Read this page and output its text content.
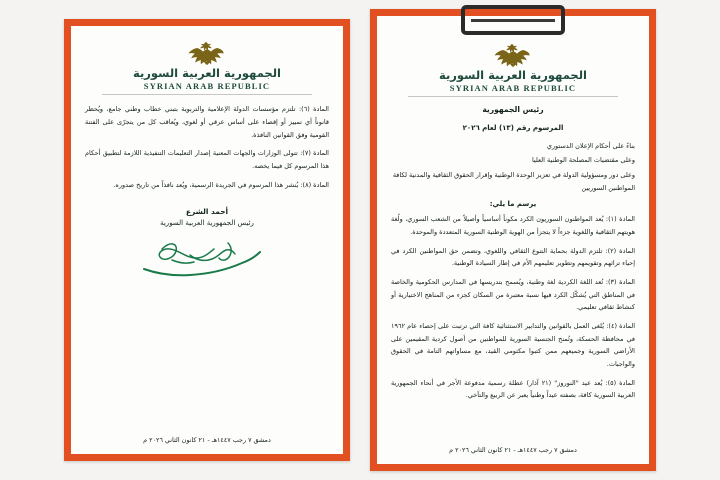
الجمهورية العربية السورية
SYRIAN ARAB REPUBLIC

المادة (٦): تلتزم مؤسسات الدولة الإعلامية والتربوية بتبني خطاب وطني جامع، ويُحظر قانوناً أي تمييز أو إقصاء على أساس عرقي أو لغوي، ويُعاقب كل من يتجرّى على الفتنة القومية وفق القوانين النافذة.

المادة (٧): تتولى الوزارات والجهات المعنية إصدار التعليمات التنفيذية اللازمة لتطبيق أحكام هذا المرسوم كل فيما يخصه.

المادة (٨): يُنشر هذا المرسوم في الجريدة الرسمية، ويُعد نافذاً من تاريخ صدوره.

أحمد الشرع
رئيس الجمهورية العربية السورية
دمشق ٧ رجب ١٤٤٧هـ - ٢١ كانون الثاني ٢٠٢٦ م
الجمهورية العربية السورية
SYRIAN ARAB REPUBLIC
رئيس الجمهورية
المرسوم رقم (١٣) لعام ٢٠٢٦

بناءً على أحكام الإعلان الدستوري

وعلى مقتضيات المصلحة الوطنية العليا

وعلى دور ومسؤولية الدولة في تعزيز الوحدة الوطنية وإقرار الحقوق الثقافية والمدنية لكافة المواطنين السوريين

يرسم ما يلي:

المادة (١): يُعد المواطنون السوريون الكرد مكوناً أساسياً وأصيلاً من الشعب السوري، ولُغة هويتهم الثقافية واللغوية جزءاً لا يتجزأ من الهوية الوطنية السورية المتعددة والموحدة.

المادة (٢): تلتزم الدولة بحماية التنوع الثقافي واللغوي، وتضمن حق المواطنين الكرد في إحياء تراثهم وتقويمهم وتطوير تعليمهم الأم في إطار السيادة الوطنية.

المادة (٣): تُعد اللغة الكردية لغة وطنية، ويُسمح بتدريسها في المدارس الحكومية والخاصة في المناطق التي يُشكّل الكرد فيها نسبة معتبرة من السكان كجزء من المناهج الاختيارية أو كنشاط ثقافي تعليمي.

المادة (٤): يُلغى العمل بالقوانين والتدابير الاستثنائية كافة التي ترتبت على إحصاء عام ١٩٦٢ في محافظة الحسكة، وتُمنح الجنسية السورية للمواطنين من أصول كردية المقيمين على الأراضي السورية وجميعهم ممن كتبوا مكتومي القيد، مع مساواتهم التامة في الحقوق والواجبات.

المادة (٥): يُعد عيد "النوروز" (٢١ آذار) عطلة رسمية مدفوعة الأجر في أنحاء الجمهورية العربية السورية كافة، بصفته عيداً وطنياً يعبر عن الربيع والتآخي.

دمشق ٧ رجب ١٤٤٧هـ - ٢١ كانون الثاني ٢٠٢٦ م
